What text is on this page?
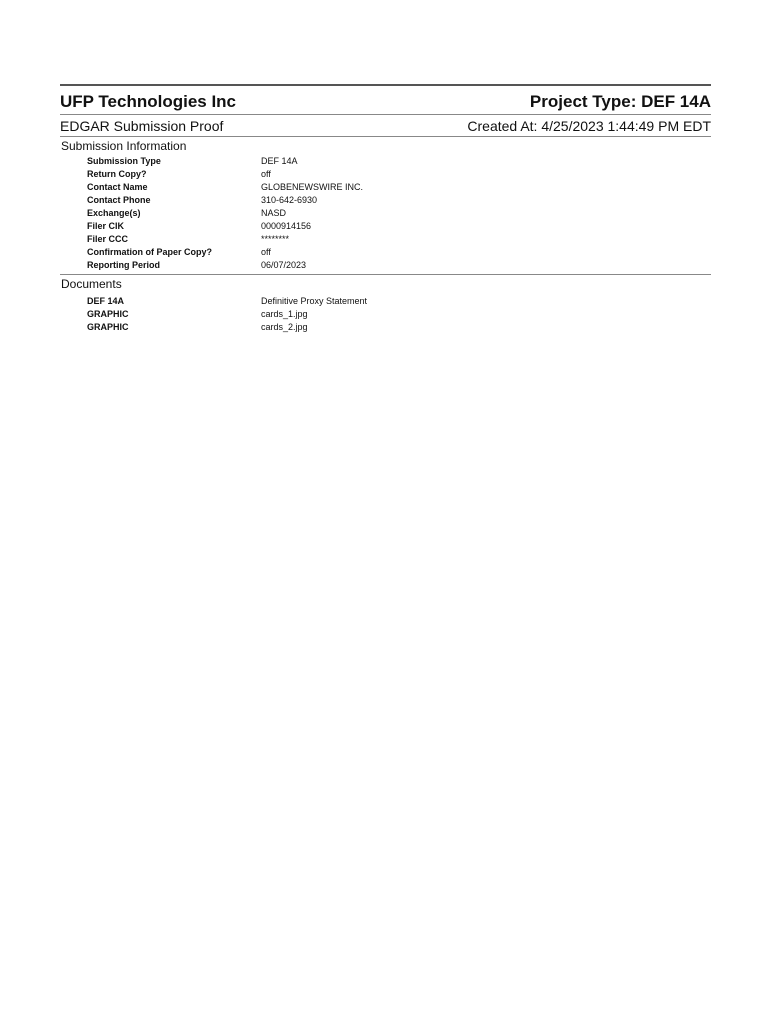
UFP Technologies Inc	Project Type: DEF 14A
EDGAR Submission Proof	Created At: 4/25/2023 1:44:49 PM EDT
Submission Information
Submission Type	DEF 14A
Return Copy?	off
Contact Name	GLOBENEWSWIRE INC.
Contact Phone	310-642-6930
Exchange(s)	NASD
Filer CIK	0000914156
Filer CCC	********
Confirmation of Paper Copy?	off
Reporting Period	06/07/2023
Documents
DEF 14A	Definitive Proxy Statement
GRAPHIC	cards_1.jpg
GRAPHIC	cards_2.jpg
